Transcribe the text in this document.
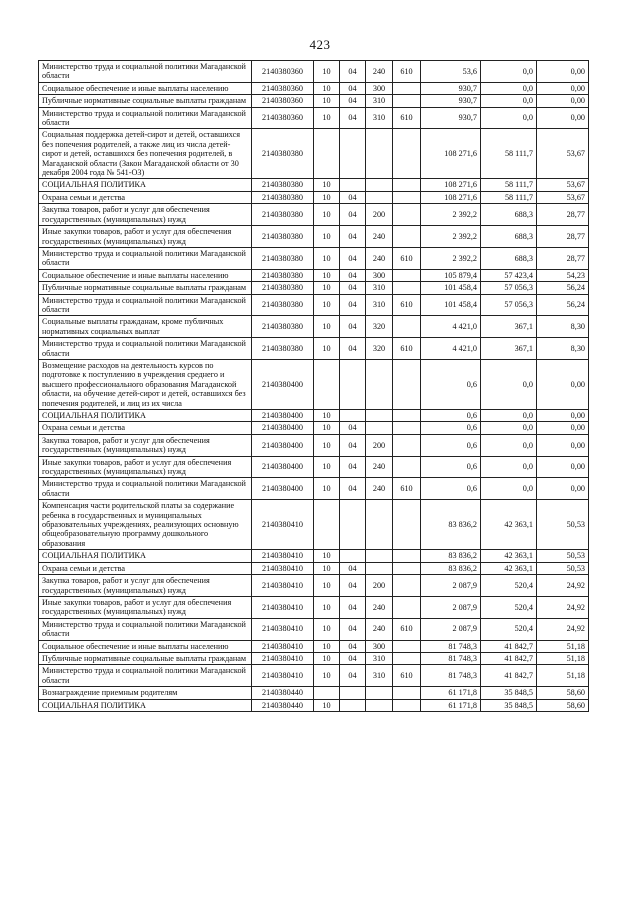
423
Министерство труда и социальной политики Магаданской области	2140380360	10	04	240	610	53,6	0,0	0,00
Социальное обеспечение и иные выплаты населению	2140380360	10	04	300		930,7	0,0	0,00
Публичные нормативные социальные выплаты гражданам	2140380360	10	04	310		930,7	0,0	0,00
Министерство труда и социальной политики Магаданской области	2140380360	10	04	310	610	930,7	0,0	0,00
Социальная поддержка детей-сирот и детей, оставшихся без попечения родителей, а также лиц из числа детей-сирот и детей, оставшихся без попечения родителей, в Магаданской области (Закон Магаданской области от 30 декабря 2004 года № 541-ОЗ)	2140380380					108 271,6	58 111,7	53,67
СОЦИАЛЬНАЯ ПОЛИТИКА	2140380380	10				108 271,6	58 111,7	53,67
Охрана семьи и детства	2140380380	10	04			108 271,6	58 111,7	53,67
Закупка товаров, работ и услуг для обеспечения государственных (муниципальных) нужд	2140380380	10	04	200		2 392,2	688,3	28,77
Иные закупки товаров, работ и услуг для обеспечения государственных (муниципальных) нужд	2140380380	10	04	240		2 392,2	688,3	28,77
Министерство труда и социальной политики Магаданской области	2140380380	10	04	240	610	2 392,2	688,3	28,77
Социальное обеспечение и иные выплаты населению	2140380380	10	04	300		105 879,4	57 423,4	54,23
Публичные нормативные социальные выплаты гражданам	2140380380	10	04	310		101 458,4	57 056,3	56,24
Министерство труда и социальной политики Магаданской области	2140380380	10	04	310	610	101 458,4	57 056,3	56,24
Социальные выплаты гражданам, кроме публичных нормативных социальных выплат	2140380380	10	04	320		4 421,0	367,1	8,30
Министерство труда и социальной политики Магаданской области	2140380380	10	04	320	610	4 421,0	367,1	8,30
Возмещение расходов на деятельность курсов по подготовке к поступлению в учреждения среднего и высшего профессионального образования Магаданской области, на обучение детей-сирот и детей, оставшихся без попечения родителей, и лиц из их числа	2140380400					0,6	0,0	0,00
СОЦИАЛЬНАЯ ПОЛИТИКА	2140380400	10				0,6	0,0	0,00
Охрана семьи и детства	2140380400	10	04			0,6	0,0	0,00
Закупка товаров, работ и услуг для обеспечения государственных (муниципальных) нужд	2140380400	10	04	200		0,6	0,0	0,00
Иные закупки товаров, работ и услуг для обеспечения государственных (муниципальных) нужд	2140380400	10	04	240		0,6	0,0	0,00
Министерство труда и социальной политики Магаданской области	2140380400	10	04	240	610	0,6	0,0	0,00
Компенсация части родительской платы за содержание ребенка в государственных и муниципальных образовательных учреждениях, реализующих основную общеобразовательную программу дошкольного образования	2140380410					83 836,2	42 363,1	50,53
СОЦИАЛЬНАЯ ПОЛИТИКА	2140380410	10				83 836,2	42 363,1	50,53
Охрана семьи и детства	2140380410	10	04			83 836,2	42 363,1	50,53
Закупка товаров, работ и услуг для обеспечения государственных (муниципальных) нужд	2140380410	10	04	200		2 087,9	520,4	24,92
Иные закупки товаров, работ и услуг для обеспечения государственных (муниципальных) нужд	2140380410	10	04	240		2 087,9	520,4	24,92
Министерство труда и социальной политики Магаданской области	2140380410	10	04	240	610	2 087,9	520,4	24,92
Социальное обеспечение и иные выплаты населению	2140380410	10	04	300		81 748,3	41 842,7	51,18
Публичные нормативные социальные выплаты гражданам	2140380410	10	04	310		81 748,3	41 842,7	51,18
Министерство труда и социальной политики Магаданской области	2140380410	10	04	310	610	81 748,3	41 842,7	51,18
Вознаграждение приемным родителям	2140380440					61 171,8	35 848,5	58,60
СОЦИАЛЬНАЯ ПОЛИТИКА	2140380440	10				61 171,8	35 848,5	58,60
